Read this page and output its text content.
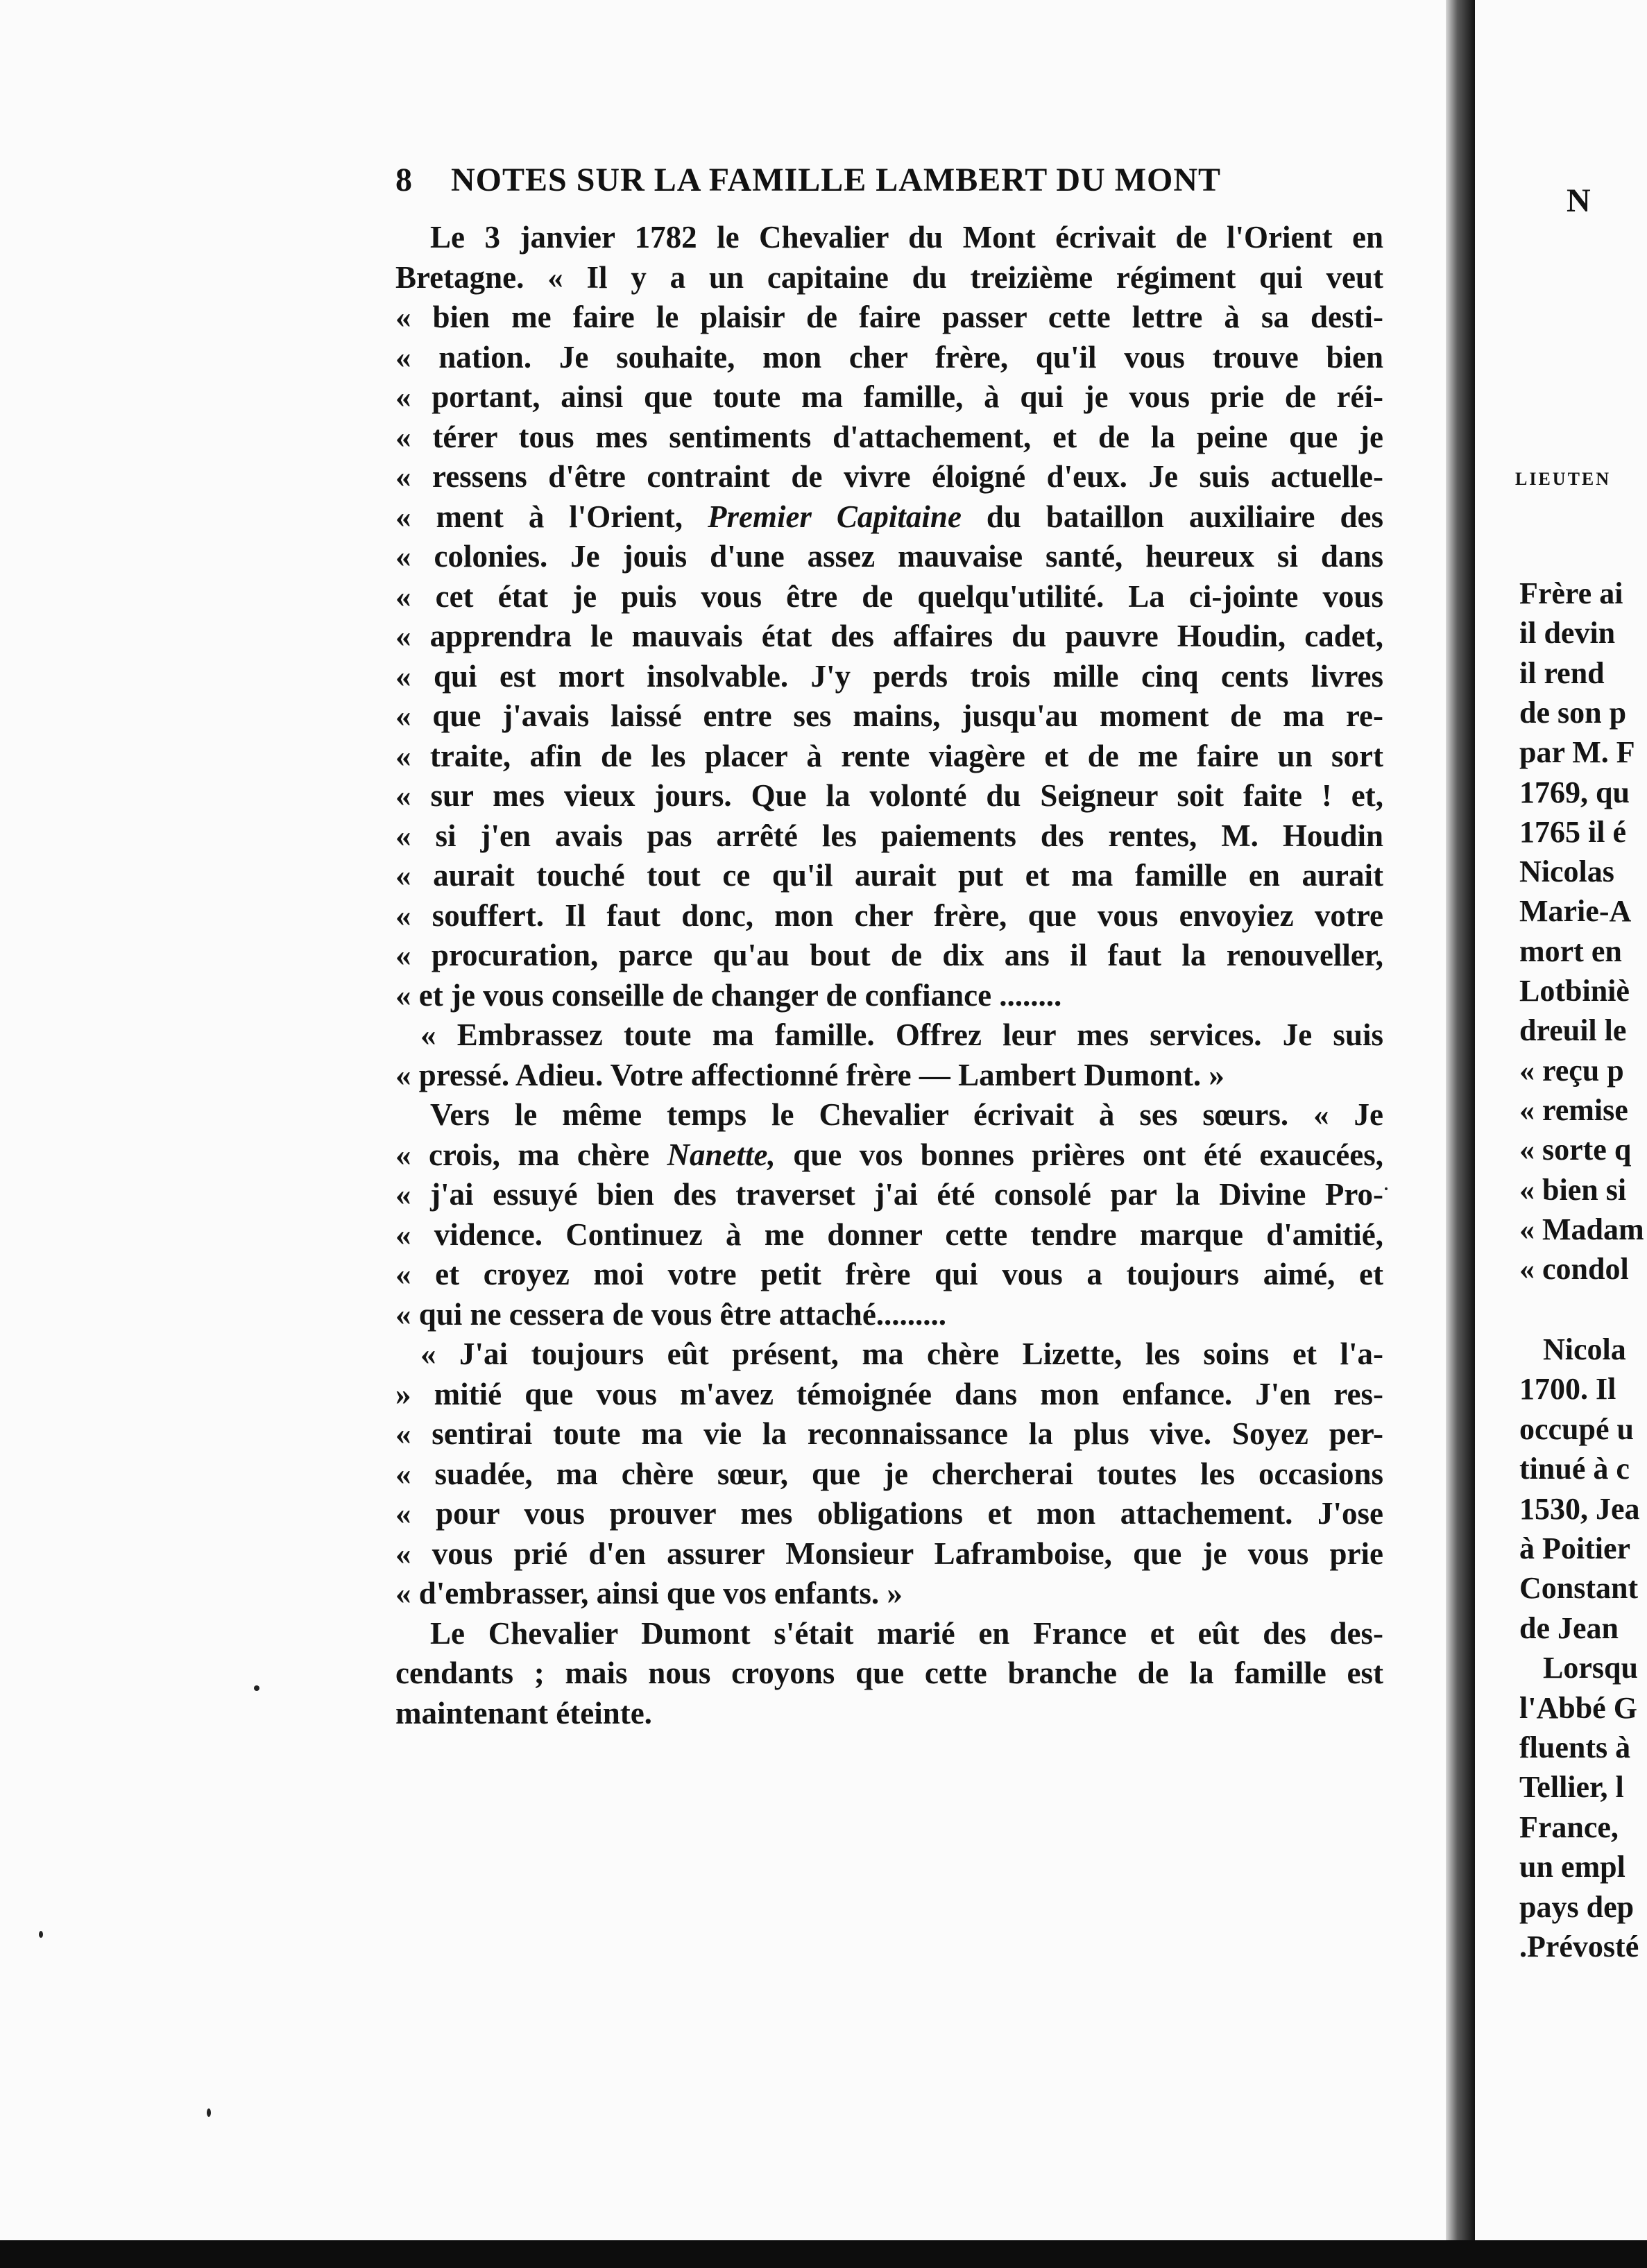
8 NOTES SUR LA FAMILLE LAMBERT DU MONT
Le 3 janvier 1782 le Chevalier du Mont écrivait de l'Orient en
Bretagne. « Il y a un capitaine du treizième régiment qui veut
« bien me faire le plaisir de faire passer cette lettre à sa desti-
« nation. Je souhaite, mon cher frère, qu'il vous trouve bien
« portant, ainsi que toute ma famille, à qui je vous prie de réi-
« térer tous mes sentiments d'attachement, et de la peine que je
« ressens d'être contraint de vivre éloigné d'eux. Je suis actuelle-
« ment à l'Orient, Premier Capitaine du bataillon auxiliaire des
« colonies. Je jouis d'une assez mauvaise santé, heureux si dans
« cet état je puis vous être de quelqu'utilité. La ci-jointe vous
« apprendra le mauvais état des affaires du pauvre Houdin, cadet,
« qui est mort insolvable. J'y perds trois mille cinq cents livres
« que j'avais laissé entre ses mains, jusqu'au moment de ma re-
« traite, afin de les placer à rente viagère et de me faire un sort
« sur mes vieux jours. Que la volonté du Seigneur soit faite ! et,
« si j'en avais pas arrêté les paiements des rentes, M. Houdin
« aurait touché tout ce qu'il aurait put et ma famille en aurait
« souffert. Il faut donc, mon cher frère, que vous envoyiez votre
« procuration, parce qu'au bout de dix ans il faut la renouveller,
« et je vous conseille de changer de confiance ........
« Embrassez toute ma famille. Offrez leur mes services. Je suis
« pressé. Adieu. Votre affectionné frère — Lambert Dumont. »
Vers le même temps le Chevalier écrivait à ses sœurs. « Je
« crois, ma chère Nanette, que vos bonnes prières ont été exaucées,
« j'ai essuyé bien des traverset j'ai été consolé par la Divine Pro-
« vidence. Continuez à me donner cette tendre marque d'amitié,
« et croyez moi votre petit frère qui vous a toujours aimé, et
« qui ne cessera de vous être attaché.........
« J'ai toujours eût présent, ma chère Lizette, les soins et l'a-
» mitié que vous m'avez témoignée dans mon enfance. J'en res-
« sentirai toute ma vie la reconnaissance la plus vive. Soyez per-
« suadée, ma chère sœur, que je chercherai toutes les occasions
« pour vous prouver mes obligations et mon attachement. J'ose
« vous prié d'en assurer Monsieur Laframboise, que je vous prie
« d'embrasser, ainsi que vos enfants. »
Le Chevalier Dumont s'était marié en France et eût des des-
cendants ; mais nous croyons que cette branche de la famille est
maintenant éteinte.
N
LIEUTEN
Frère ai
il devin
il rend
de son p
par M. F
1769, qu
1765 il é
Nicolas
Marie-A
mort en
Lotbiniè
dreuil le
« reçu p
« remise
« sorte q
« bien si
« Madam
« condol
Nicola
1700. Il
occupé u
tinué à c
1530, Jea
à Poitier
Constant
de Jean
Lorsqu
l'Abbé G
fluents à
Tellier, l
France,
un empl
pays dep
.Prévosté
